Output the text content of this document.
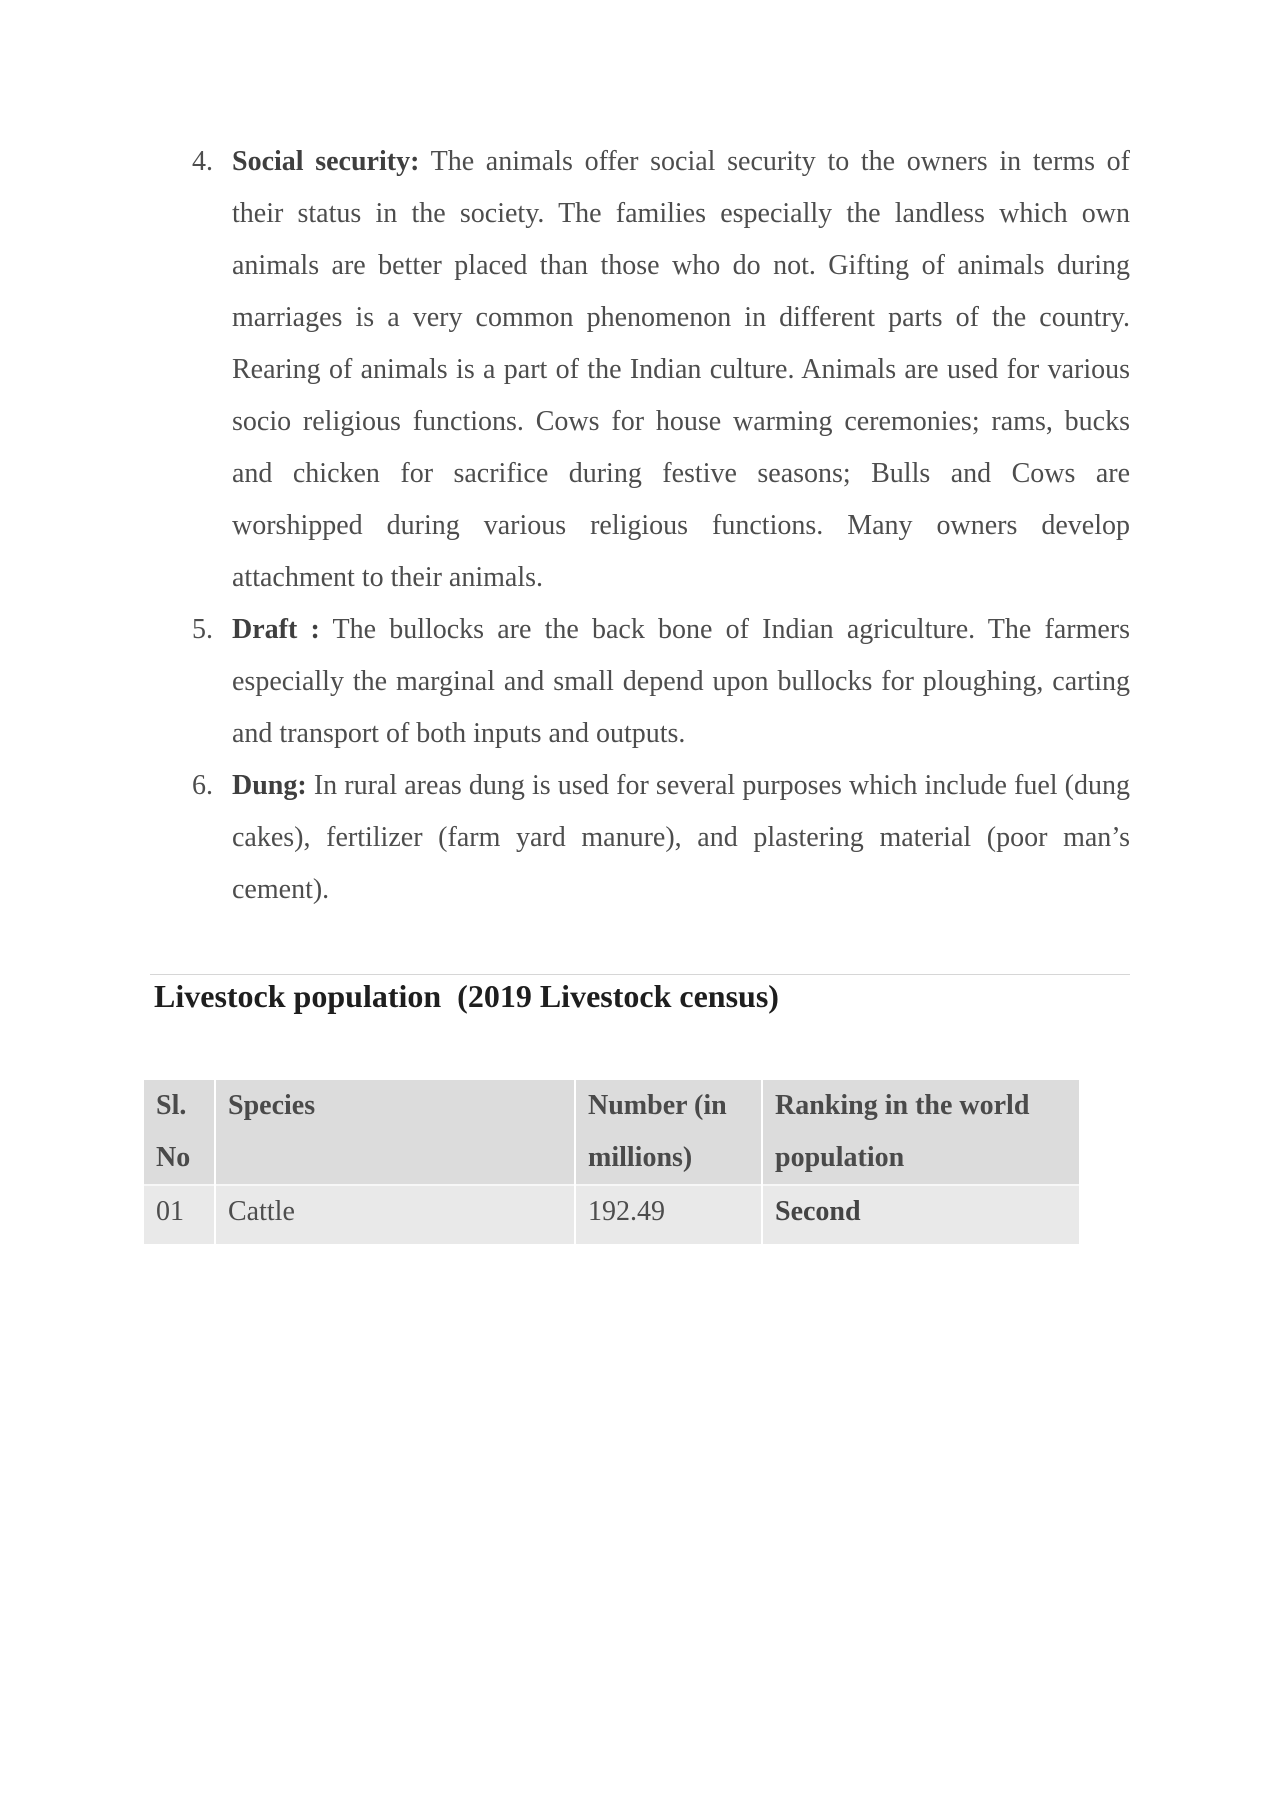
4. Social security: The animals offer social security to the owners in terms of their status in the society. The families especially the landless which own animals are better placed than those who do not. Gifting of animals during marriages is a very common phenomenon in different parts of the country. Rearing of animals is a part of the Indian culture. Animals are used for various socio religious functions. Cows for house warming ceremonies; rams, bucks and chicken for sacrifice during festive seasons; Bulls and Cows are worshipped during various religious functions. Many owners develop attachment to their animals.
5. Draft : The bullocks are the back bone of Indian agriculture. The farmers especially the marginal and small depend upon bullocks for ploughing, carting and transport of both inputs and outputs.
6. Dung: In rural areas dung is used for several purposes which include fuel (dung cakes), fertilizer (farm yard manure), and plastering material (poor man’s cement).
Livestock population  (2019 Livestock census)
Sl. No	Species	Number (in millions)	Ranking in the world population
01	Cattle	192.49	Second
